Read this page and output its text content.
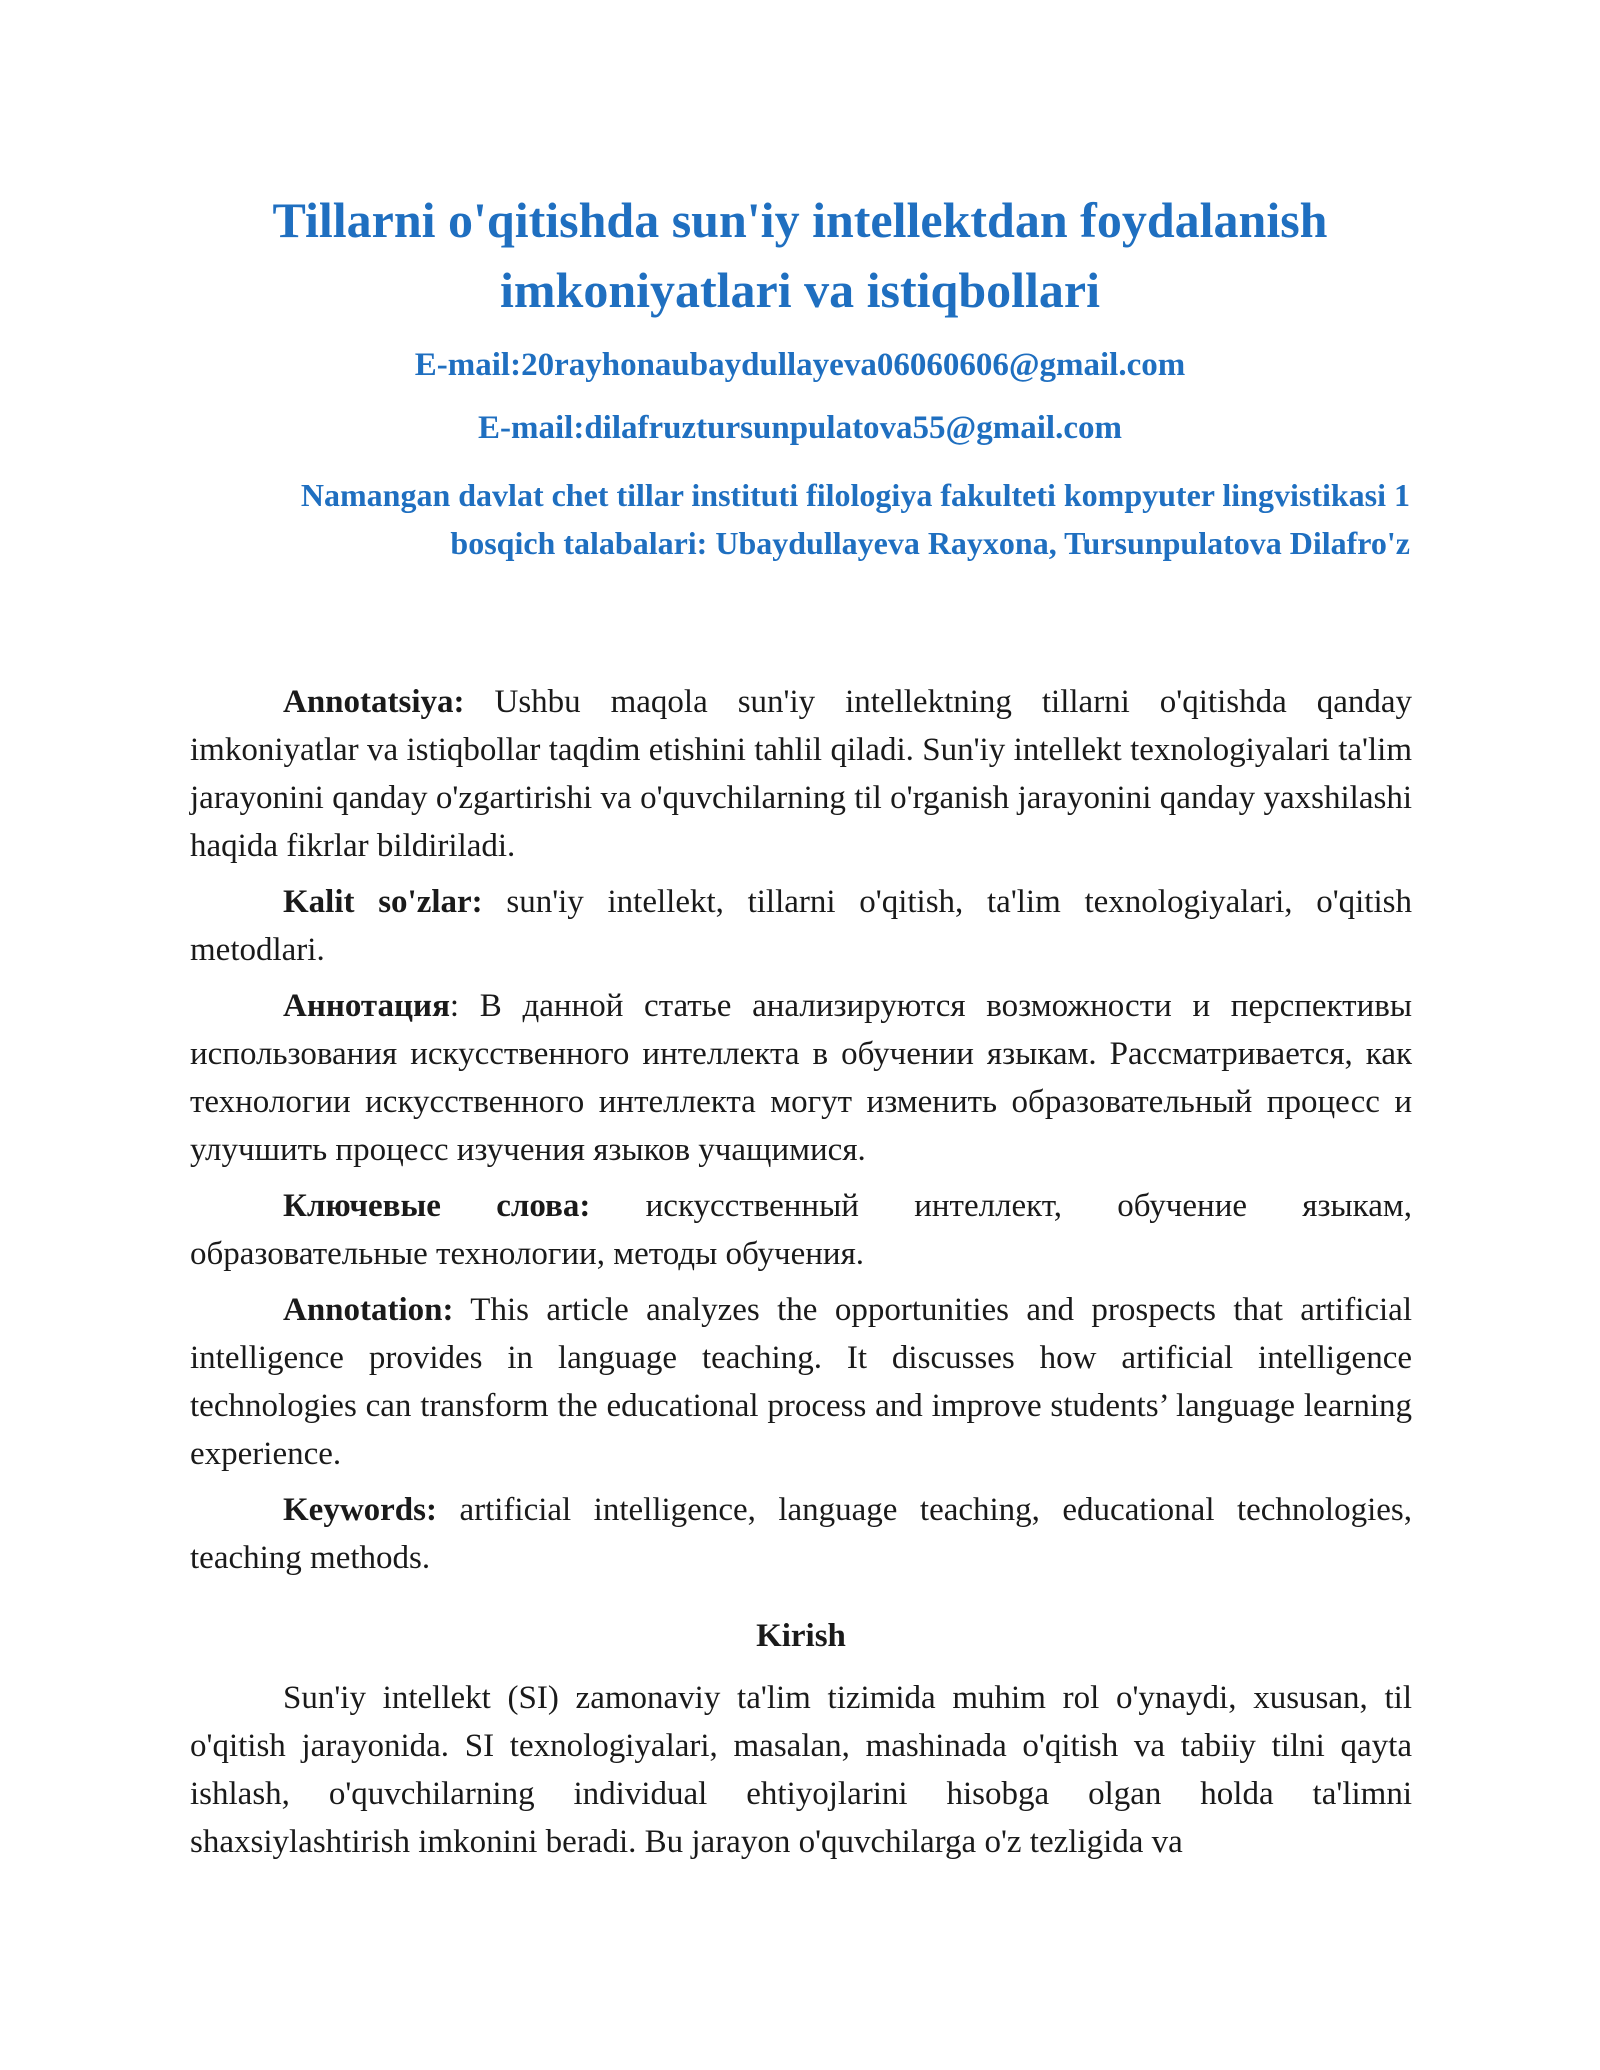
Tillarni o'qitishda sun'iy intellektdan foydalanish imkoniyatlari va istiqbollari

E-mail:20rayhonaubaydullayeva06060606@gmail.com

E-mail:dilafruztursunpulatova55@gmail.com

Namangan davlat chet tillar instituti filologiya fakulteti kompyuter lingvistikasi 1 bosqich talabalari: Ubaydullayeva Rayxona, Tursunpulatova Dilafro'z

Annotatsiya: Ushbu maqola sun'iy intellektning tillarni o'qitishda qanday imkoniyatlar va istiqbollar taqdim etishini tahlil qiladi. Sun'iy intellekt texnologiyalari ta'lim jarayonini qanday o'zgartirishi va o'quvchilarning til o'rganish jarayonini qanday yaxshilashi haqida fikrlar bildiriladi.

Kalit so'zlar: sun'iy intellekt, tillarni o'qitish, ta'lim texnologiyalari, o'qitish metodlari.

Аннотация: В данной статье анализируются возможности и перспективы использования искусственного интеллекта в обучении языкам. Рассматривается, как технологии искусственного интеллекта могут изменить образовательный процесс и улучшить процесс изучения языков учащимися.

Ключевые слова: искусственный интеллект, обучение языкам, образовательные технологии, методы обучения.

Annotation: This article analyzes the opportunities and prospects that artificial intelligence provides in language teaching. It discusses how artificial intelligence technologies can transform the educational process and improve students’ language learning experience.

Keywords: artificial intelligence, language teaching, educational technologies, teaching methods.

Kirish

Sun'iy intellekt (SI) zamonaviy ta'lim tizimida muhim rol o'ynaydi, xususan, til o'qitish jarayonida. SI texnologiyalari, masalan, mashinada o'qitish va tabiiy tilni qayta ishlash, o'quvchilarning individual ehtiyojlarini hisobga olgan holda ta'limni shaxsiylashtirish imkonini beradi. Bu jarayon o'quvchilarga o'z tezligida va
